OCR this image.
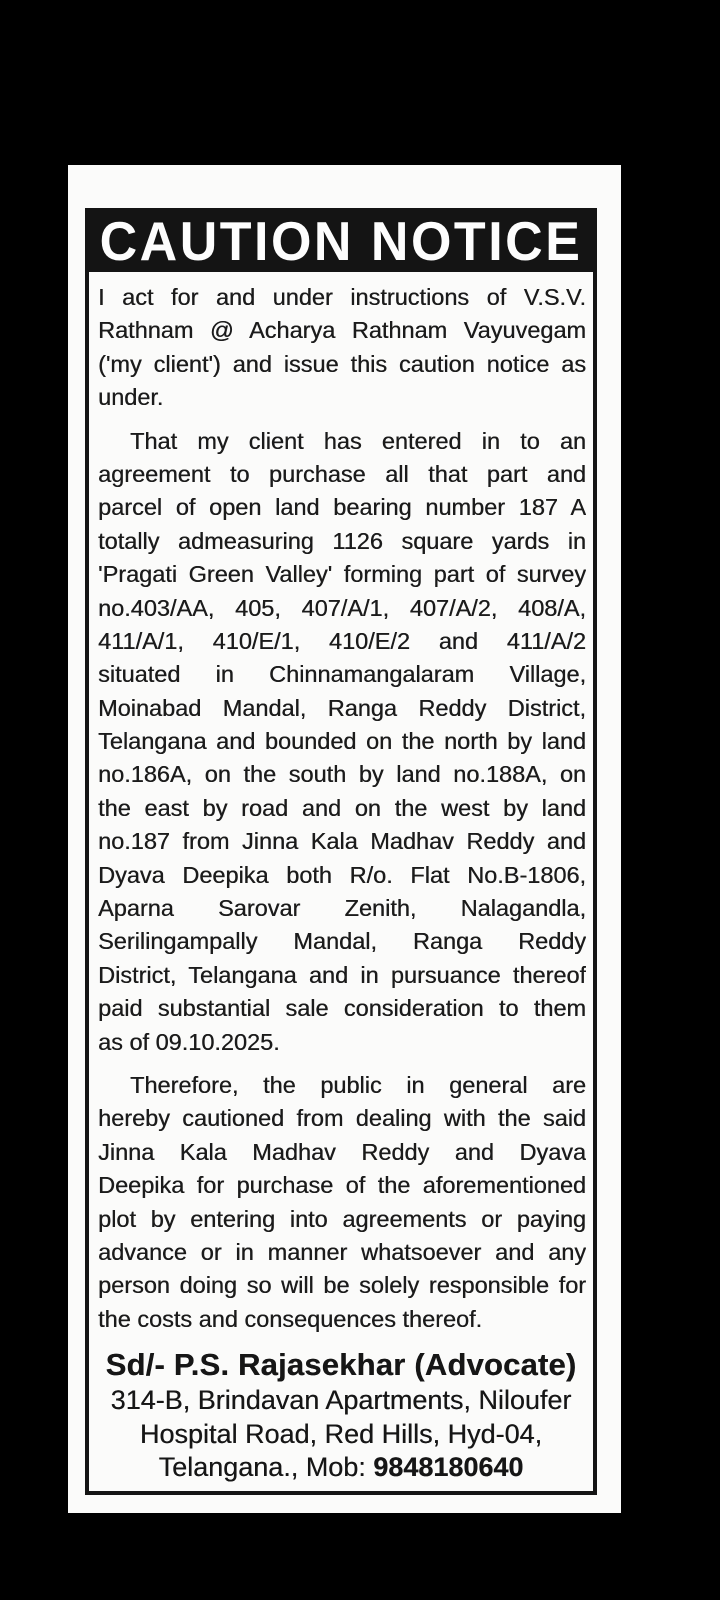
CAUTION NOTICE
I act for and under instructions of V.S.V.
Rathnam @ Acharya Rathnam Vayuvegam
('my client') and issue this caution notice as
under.
That my client has entered in to an
agreement to purchase all that part and
parcel of open land bearing number 187 A
totally admeasuring 1126 square yards in
'Pragati Green Valley' forming part of survey
no.403/AA, 405, 407/A/1, 407/A/2, 408/A,
411/A/1, 410/E/1, 410/E/2 and 411/A/2
situated in Chinnamangalaram Village,
Moinabad Mandal, Ranga Reddy District,
Telangana and bounded on the north by land
no.186A, on the south by land no.188A, on
the east by road and on the west by land
no.187 from Jinna Kala Madhav Reddy and
Dyava Deepika both R/o. Flat No.B-1806,
Aparna Sarovar Zenith, Nalagandla,
Serilingampally Mandal, Ranga Reddy
District, Telangana and in pursuance thereof
paid substantial sale consideration to them
as of 09.10.2025.
Therefore, the public in general are
hereby cautioned from dealing with the said
Jinna Kala Madhav Reddy and Dyava
Deepika for purchase of the aforementioned
plot by entering into agreements or paying
advance or in manner whatsoever and any
person doing so will be solely responsible for
the costs and consequences thereof.
Sd/- P.S. Rajasekhar (Advocate)
314-B, Brindavan Apartments, Niloufer
Hospital Road, Red Hills, Hyd-04,
Telangana., Mob: 9848180640
